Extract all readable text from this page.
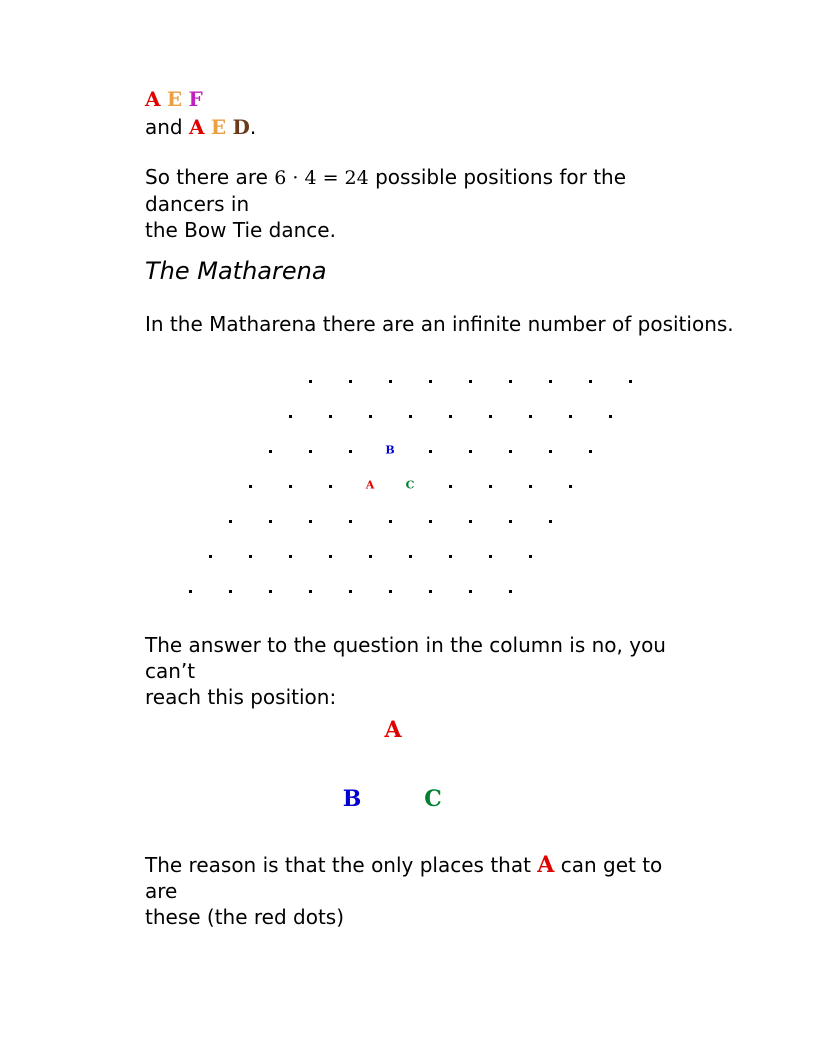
A E F
and A E D.
So there are 6 · 4 = 24 possible positions for the dancers in
the Bow Tie dance.
The Matharena
In the Matharena there are an infinite number of positions.
B
A	C
The answer to the question in the column is no, you can’t
reach this position:
A
B	C
The reason is that the only places that A can get to are
these (the red dots)
